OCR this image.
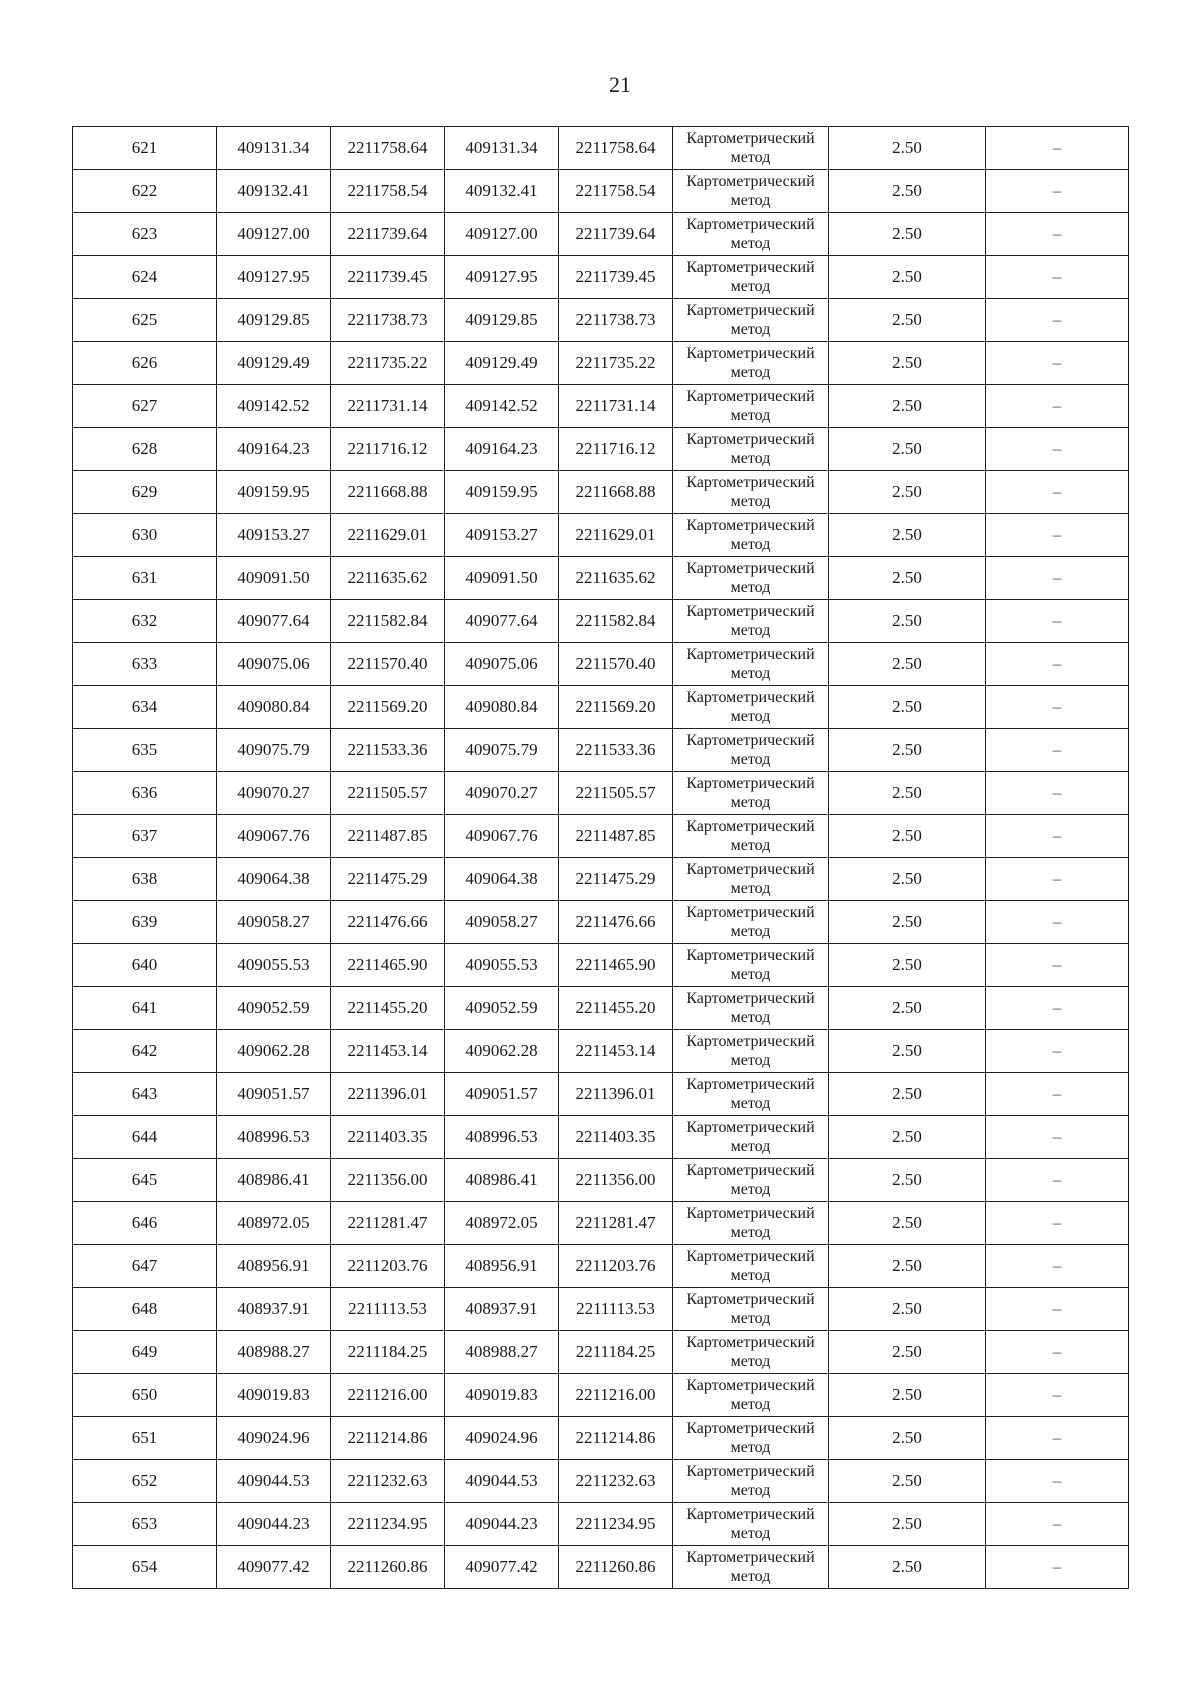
21
621	409131.34	2211758.64	409131.34	2211758.64	Картометрический метод	2.50	–
622	409132.41	2211758.54	409132.41	2211758.54	Картометрический метод	2.50	–
623	409127.00	2211739.64	409127.00	2211739.64	Картометрический метод	2.50	–
624	409127.95	2211739.45	409127.95	2211739.45	Картометрический метод	2.50	–
625	409129.85	2211738.73	409129.85	2211738.73	Картометрический метод	2.50	–
626	409129.49	2211735.22	409129.49	2211735.22	Картометрический метод	2.50	–
627	409142.52	2211731.14	409142.52	2211731.14	Картометрический метод	2.50	–
628	409164.23	2211716.12	409164.23	2211716.12	Картометрический метод	2.50	–
629	409159.95	2211668.88	409159.95	2211668.88	Картометрический метод	2.50	–
630	409153.27	2211629.01	409153.27	2211629.01	Картометрический метод	2.50	–
631	409091.50	2211635.62	409091.50	2211635.62	Картометрический метод	2.50	–
632	409077.64	2211582.84	409077.64	2211582.84	Картометрический метод	2.50	–
633	409075.06	2211570.40	409075.06	2211570.40	Картометрический метод	2.50	–
634	409080.84	2211569.20	409080.84	2211569.20	Картометрический метод	2.50	–
635	409075.79	2211533.36	409075.79	2211533.36	Картометрический метод	2.50	–
636	409070.27	2211505.57	409070.27	2211505.57	Картометрический метод	2.50	–
637	409067.76	2211487.85	409067.76	2211487.85	Картометрический метод	2.50	–
638	409064.38	2211475.29	409064.38	2211475.29	Картометрический метод	2.50	–
639	409058.27	2211476.66	409058.27	2211476.66	Картометрический метод	2.50	–
640	409055.53	2211465.90	409055.53	2211465.90	Картометрический метод	2.50	–
641	409052.59	2211455.20	409052.59	2211455.20	Картометрический метод	2.50	–
642	409062.28	2211453.14	409062.28	2211453.14	Картометрический метод	2.50	–
643	409051.57	2211396.01	409051.57	2211396.01	Картометрический метод	2.50	–
644	408996.53	2211403.35	408996.53	2211403.35	Картометрический метод	2.50	–
645	408986.41	2211356.00	408986.41	2211356.00	Картометрический метод	2.50	–
646	408972.05	2211281.47	408972.05	2211281.47	Картометрический метод	2.50	–
647	408956.91	2211203.76	408956.91	2211203.76	Картометрический метод	2.50	–
648	408937.91	2211113.53	408937.91	2211113.53	Картометрический метод	2.50	–
649	408988.27	2211184.25	408988.27	2211184.25	Картометрический метод	2.50	–
650	409019.83	2211216.00	409019.83	2211216.00	Картометрический метод	2.50	–
651	409024.96	2211214.86	409024.96	2211214.86	Картометрический метод	2.50	–
652	409044.53	2211232.63	409044.53	2211232.63	Картометрический метод	2.50	–
653	409044.23	2211234.95	409044.23	2211234.95	Картометрический метод	2.50	–
654	409077.42	2211260.86	409077.42	2211260.86	Картометрический метод	2.50	–
